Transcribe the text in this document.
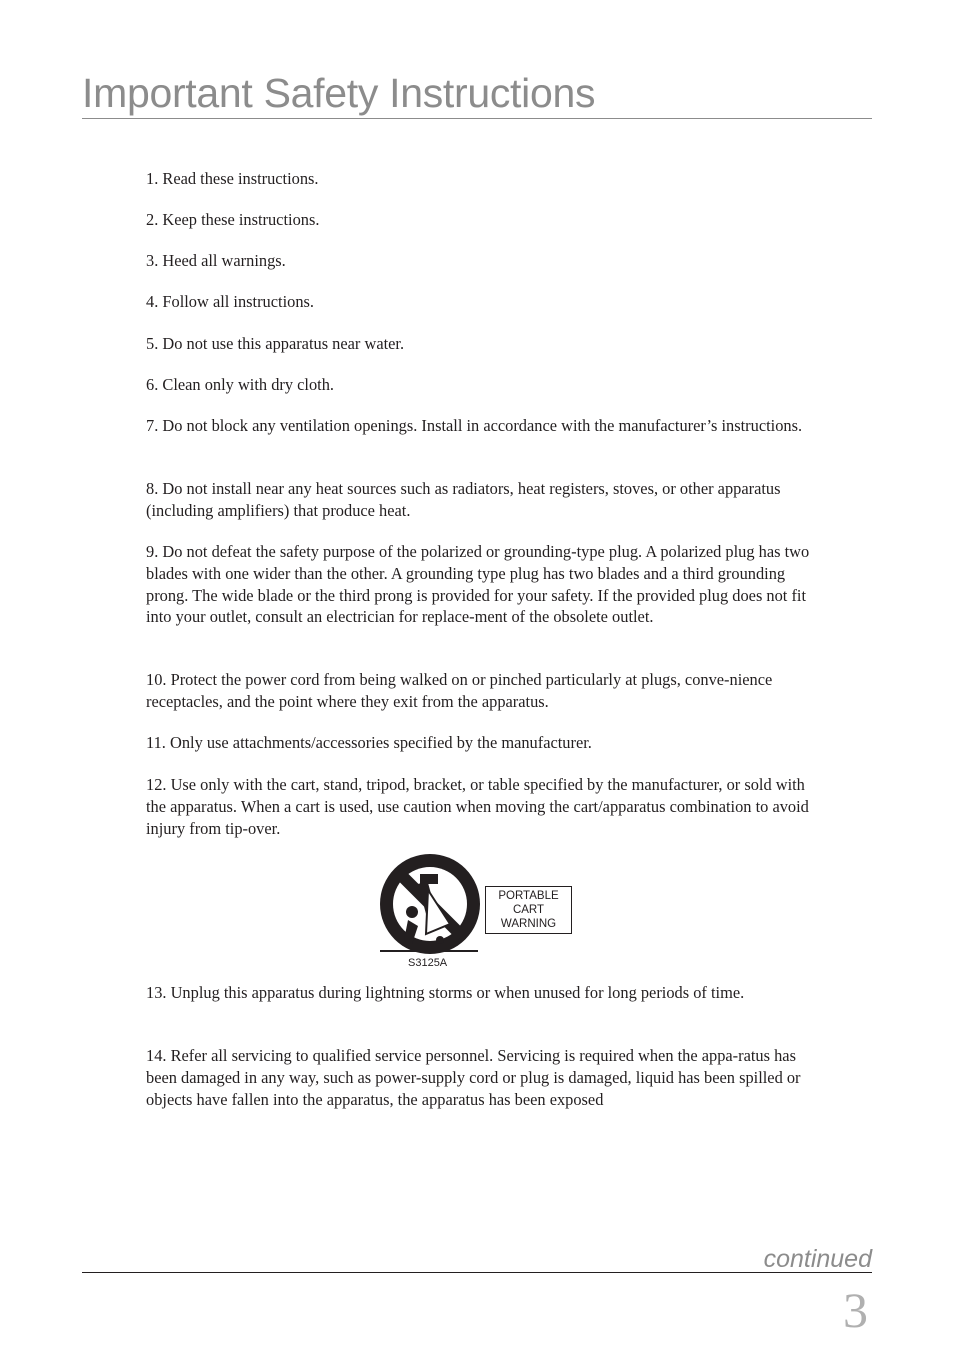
Important Safety Instructions

1. Read these instructions.

2. Keep these instructions.

3. Heed all warnings.

4. Follow all instructions.

5. Do not use this apparatus near water.

6. Clean only with dry cloth.

7. Do not block any ventilation openings. Install in accordance with the manufacturer’s instructions.

8. Do not install near any heat sources such as radiators, heat registers, stoves, or other apparatus (including amplifiers) that produce heat.

9. Do not defeat the safety purpose of the polarized or grounding-type plug. A polarized plug has two blades with one wider than the other. A grounding type plug has two blades and a third grounding prong. The wide blade or the third prong is provided for your safety. If the provided plug does not fit into your outlet, consult an electrician for replace-ment of the obsolete outlet.

10. Protect the power cord from being walked on or pinched particularly at plugs, conve-nience receptacles, and the point where they exit from the apparatus.

11. Only use attachments/accessories specified by the manufacturer.

12. Use only with the cart, stand, tripod, bracket, or table specified by the manufacturer, or sold with the apparatus. When a cart is used, use caution when moving the cart/apparatus combination to avoid injury from tip-over.

PORTABLE
CART
WARNING
S3125A

13. Unplug this apparatus during lightning storms or when unused for long periods of time.

14. Refer all servicing to qualified service personnel. Servicing is required when the appa-ratus has been damaged in any way, such as power-supply cord or plug is damaged, liquid has been spilled or objects have fallen into the apparatus, the apparatus has been exposed

continued
3
